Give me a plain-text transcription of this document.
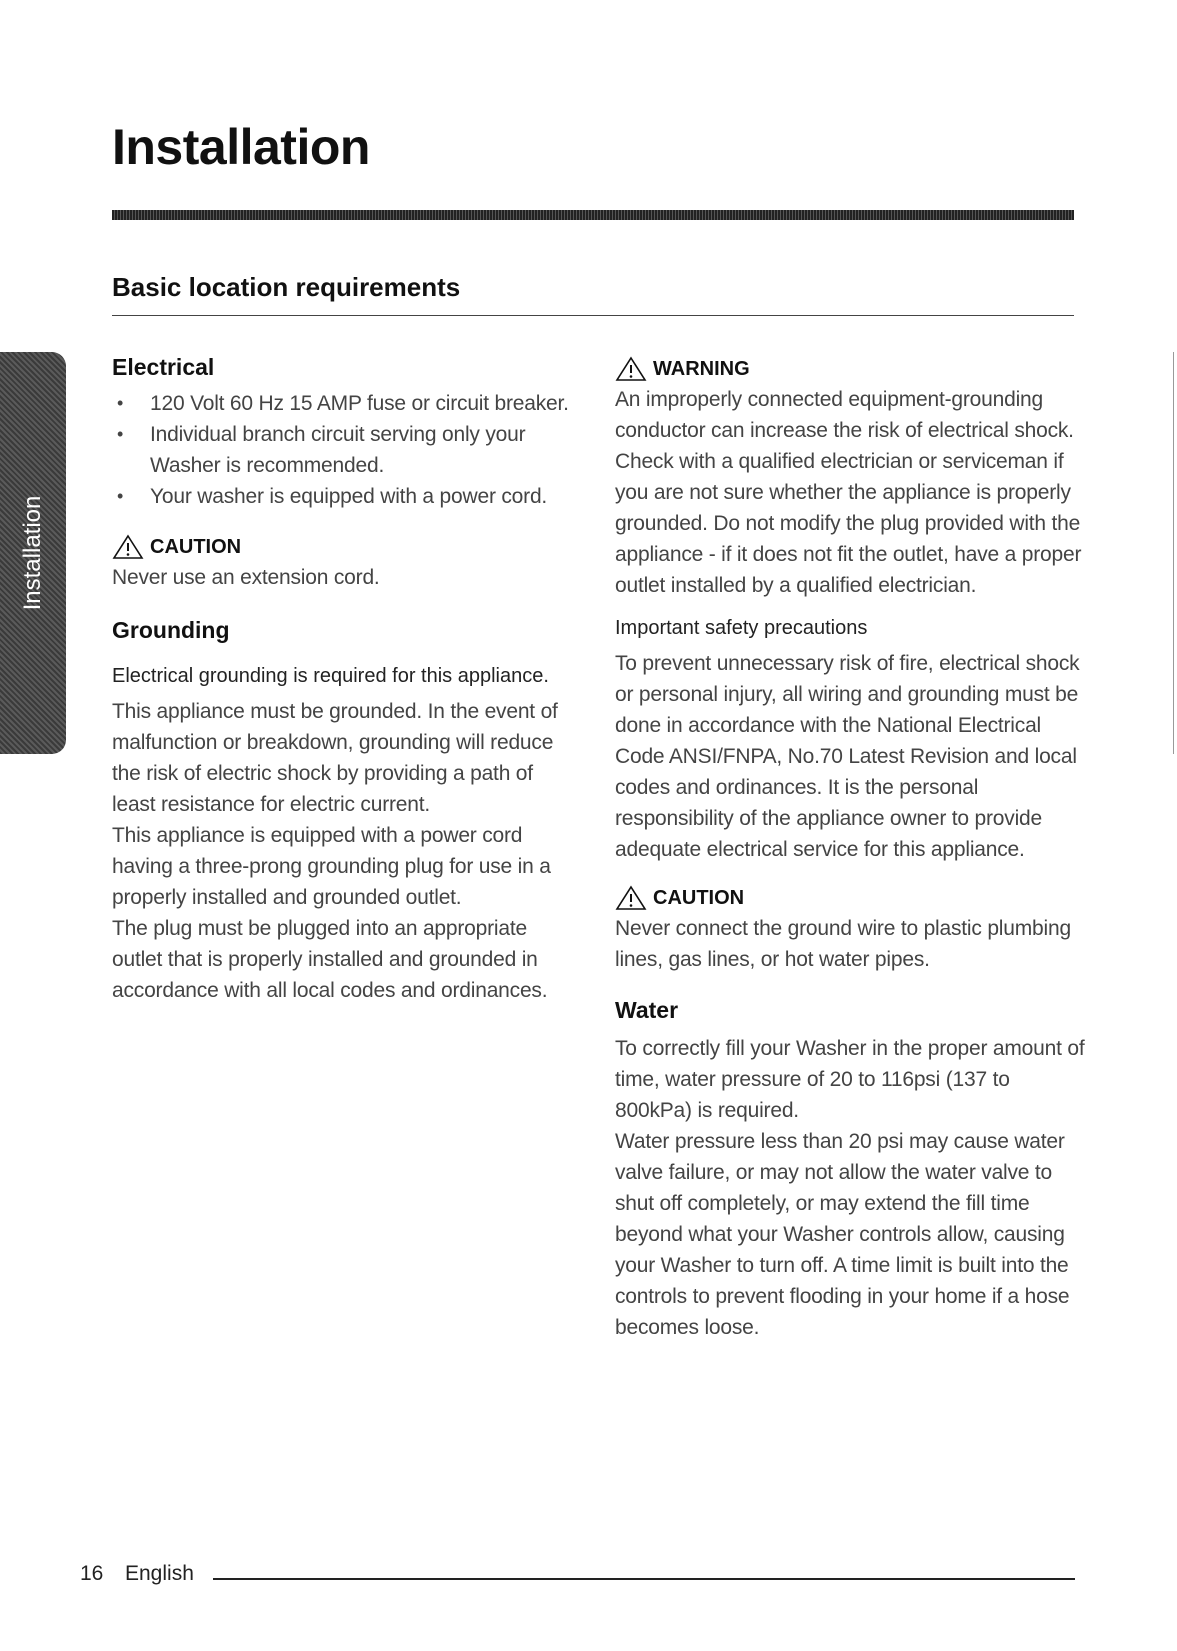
Installation
Basic location requirements
Installation
Electrical
• 120 Volt 60 Hz 15 AMP fuse or circuit breaker.
• Individual branch circuit serving only your Washer is recommended.
• Your washer is equipped with a power cord.
CAUTION

Never use an extension cord.

Grounding

Electrical grounding is required for this appliance.

This appliance must be grounded. In the event of malfunction or breakdown, grounding will reduce the risk of electric shock by providing a path of least resistance for electric current.

This appliance is equipped with a power cord having a three-prong grounding plug for use in a properly installed and grounded outlet.

The plug must be plugged into an appropriate outlet that is properly installed and grounded in accordance with all local codes and ordinances.

WARNING

An improperly connected equipment-grounding conductor can increase the risk of electrical shock. Check with a qualified electrician or serviceman if you are not sure whether the appliance is properly grounded. Do not modify the plug provided with the appliance - if it does not fit the outlet, have a proper outlet installed by a qualified electrician.

Important safety precautions

To prevent unnecessary risk of fire, electrical shock or personal injury, all wiring and grounding must be done in accordance with the National Electrical Code ANSI/FNPA, No.70 Latest Revision and local codes and ordinances. It is the personal responsibility of the appliance owner to provide adequate electrical service for this appliance.

CAUTION

Never connect the ground wire to plastic plumbing lines, gas lines, or hot water pipes.

Water

To correctly fill your Washer in the proper amount of time, water pressure of 20 to 116psi (137 to 800kPa) is required.

Water pressure less than 20 psi may cause water valve failure, or may not allow the water valve to shut off completely, or may extend the fill time beyond what your Washer controls allow, causing your Washer to turn off. A time limit is built into the controls to prevent flooding in your home if a hose becomes loose.

16 English
